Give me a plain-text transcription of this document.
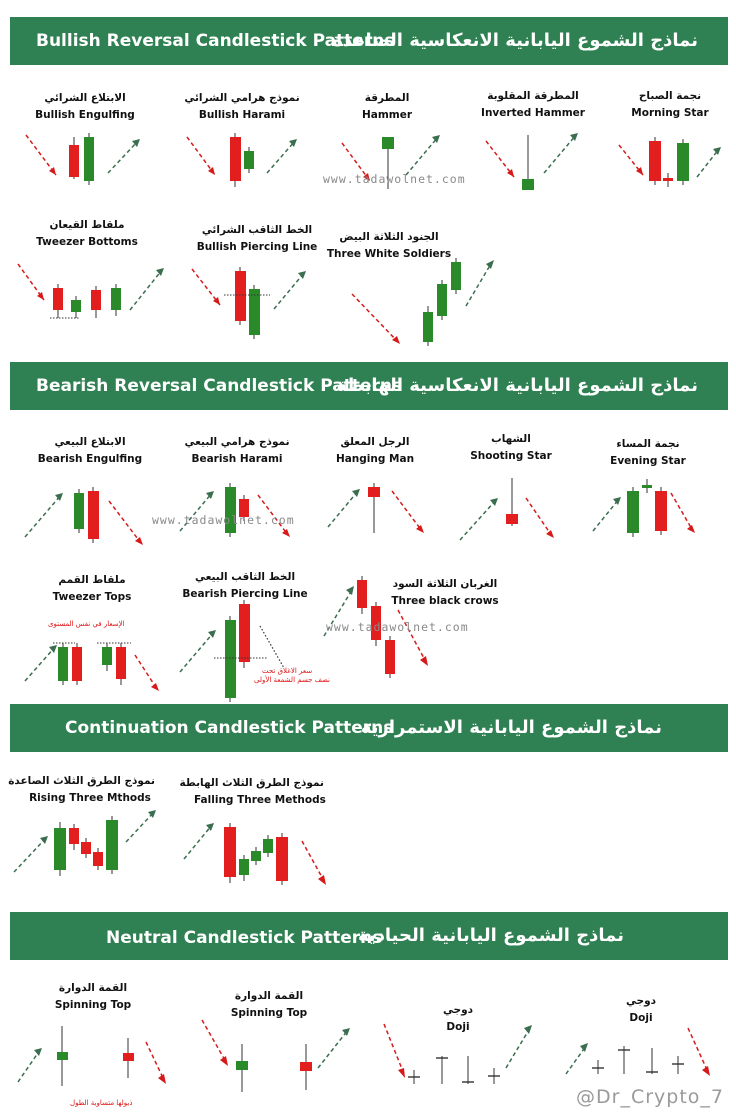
Bullish Reversal Candlestick Patterns
نماذج الشموع اليابانية الانعكاسية الصاعدة
الابتلاع الشرائي
Bullish Engulfing
نموذج هرامي الشرائي
Bullish Harami
المطرقة
Hammer
المطرقة المقلوبة
Inverted Hammer
نجمة الصباح
Morning Star
ملقاط القيعان
Tweezer Bottoms
الخط الثاقب الشرائي
Bullish Piercing Line
الجنود الثلاثة البيض
Three White Soldiers
www.tadawolnet.com
Bearish Reversal Candlestick Patterns
نماذج الشموع اليابانية الانعكاسية الهابطة
الابتلاع البيعي
Bearish Engulfing
نموذج هرامي البيعي
Bearish Harami
الرجل المعلق
Hanging Man
الشهاب
Shooting Star
نجمة المساء
Evening Star
www.tadawolnet.com
ملقاط القمم
Tweezer Tops
الإسعار في نفس المستوى
الخط الثاقب البيعي
Bearish Piercing Line
سعر الاغلاق تحت
نصف جسم الشمعة الأولى
الغربان الثلاثة السود
Three black crows
www.tadawolnet.com
Continuation Candlestick Patterns
نماذج الشموع اليابانية الاستمرارية
نموذج الطرق الثلاث الصاعدة
Rising Three Mthods
نموذج الطرق الثلاث الهابطة
Falling Three Methods
Neutral Candlestick Patterns
نماذج الشموع اليابانية الحيادية
القمة الدوارة
Spinning Top
ذيولها متساوية الطول
القمة الدوارة
Spinning Top	دوجي
Doji
دوجي
Doji
@Dr_Crypto_7
